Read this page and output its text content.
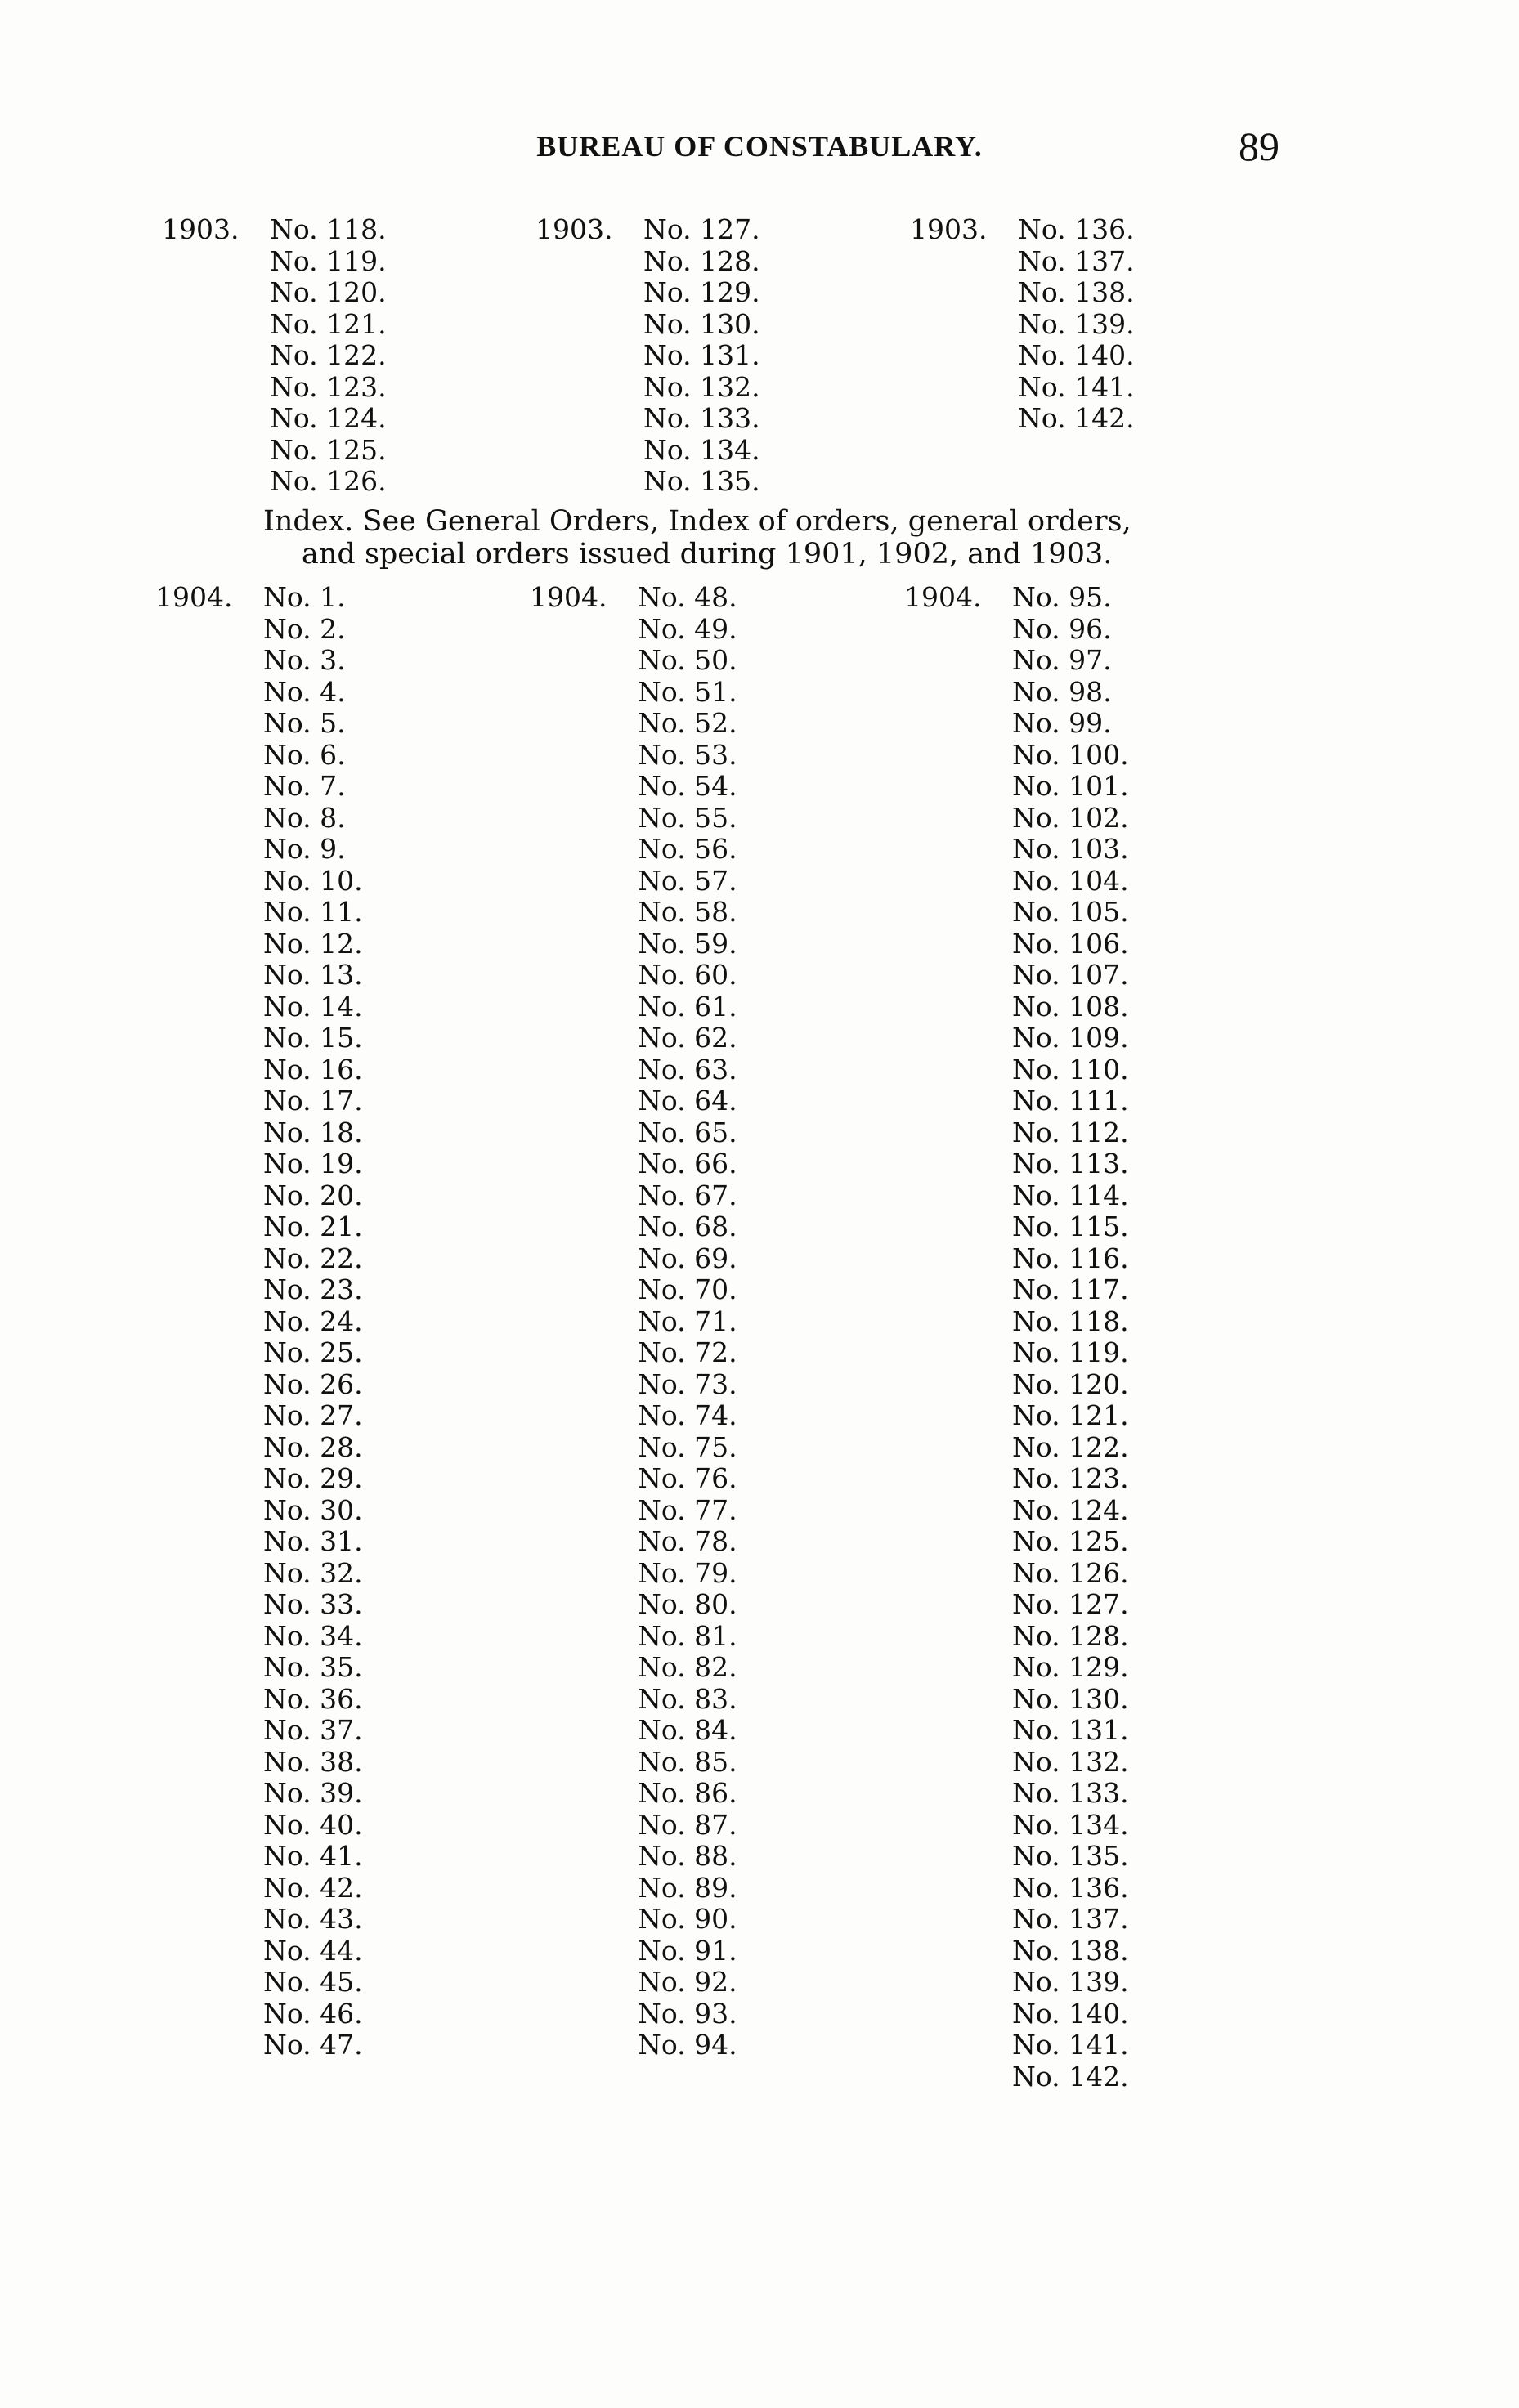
BUREAU OF CONSTABULARY.	89
1903. No. 118.
No. 119.
No. 120.
No. 121.
No. 122.
No. 123.
No. 124.
No. 125.
No. 126.
1903. No. 127.
No. 128.
No. 129.
No. 130.
No. 131.
No. 132.
No. 133.
No. 134.
No. 135.
1903. No. 136.
No. 137.
No. 138.
No. 139.
No. 140.
No. 141.
No. 142.
Index. See General Orders, Index of orders, general orders,
and special orders issued during 1901, 1902, and 1903.
1904. No. 1.
No. 2.
No. 3.
No. 4.
No. 5.
No. 6.
No. 7.
No. 8.
No. 9.
No. 10.
No. 11.
No. 12.
No. 13.
No. 14.
No. 15.
No. 16.
No. 17.
No. 18.
No. 19.
No. 20.
No. 21.
No. 22.
No. 23.
No. 24.
No. 25.
No. 26.
No. 27.
No. 28.
No. 29.
No. 30.
No. 31.
No. 32.
No. 33.
No. 34.
No. 35.
No. 36.
No. 37.
No. 38.
No. 39.
No. 40.
No. 41.
No. 42.
No. 43.
No. 44.
No. 45.
No. 46.
No. 47.
1904. No. 48.
No. 49.
No. 50.
No. 51.
No. 52.
No. 53.
No. 54.
No. 55.
No. 56.
No. 57.
No. 58.
No. 59.
No. 60.
No. 61.
No. 62.
No. 63.
No. 64.
No. 65.
No. 66.
No. 67.
No. 68.
No. 69.
No. 70.
No. 71.
No. 72.
No. 73.
No. 74.
No. 75.
No. 76.
No. 77.
No. 78.
No. 79.
No. 80.
No. 81.
No. 82.
No. 83.
No. 84.
No. 85.
No. 86.
No. 87.
No. 88.
No. 89.
No. 90.
No. 91.
No. 92.
No. 93.
No. 94.
1904. No. 95.
No. 96.
No. 97.
No. 98.
No. 99.
No. 100.
No. 101.
No. 102.
No. 103.
No. 104.
No. 105.
No. 106.
No. 107.
No. 108.
No. 109.
No. 110.
No. 111.
No. 112.
No. 113.
No. 114.
No. 115.
No. 116.
No. 117.
No. 118.
No. 119.
No. 120.
No. 121.
No. 122.
No. 123.
No. 124.
No. 125.
No. 126.
No. 127.
No. 128.
No. 129.
No. 130.
No. 131.
No. 132.
No. 133.
No. 134.
No. 135.
No. 136.
No. 137.
No. 138.
No. 139.
No. 140.
No. 141.
No. 142.
